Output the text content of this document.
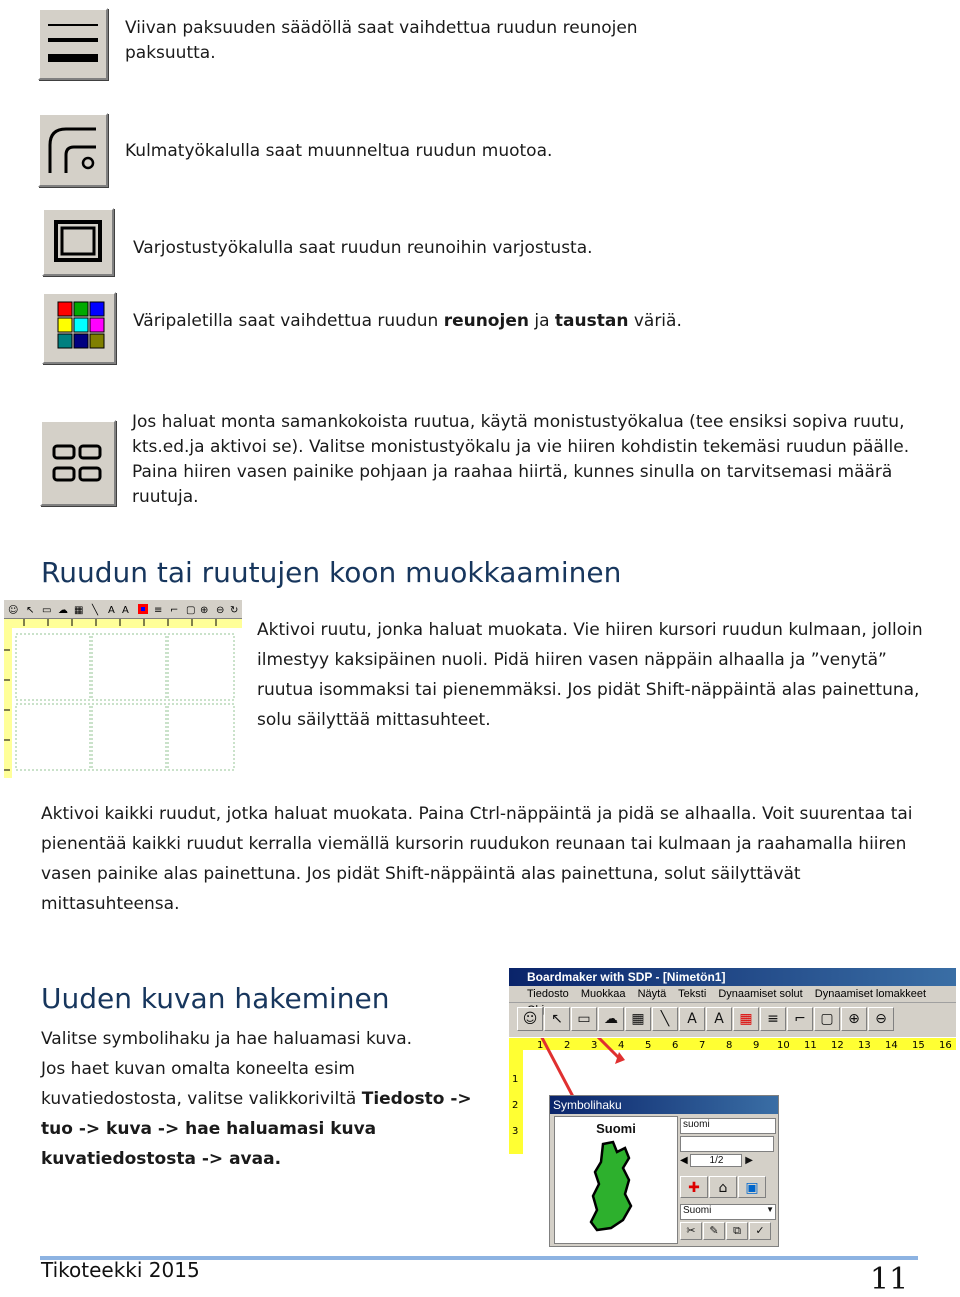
Viivan paksuuden säädöllä saat vaihdettua ruudun reunojen paksuutta.
Kulmatyökalulla saat muunneltua ruudun muotoa.
Varjostustyökalulla saat ruudun reunoihin varjostusta.
Väripaletilla saat vaihdettua ruudun reunojen ja taustan väriä.
Jos haluat monta samankokoista ruutua, käytä monistustyökalua (tee ensiksi sopiva ruutu, kts.ed.ja aktivoi se). Valitse monistustyökalu ja vie hiiren kohdistin tekemäsi ruudun päälle. Paina hiiren vasen painike pohjaan ja raahaa hiirtä, kunnes sinulla on tarvitsemasi määrä ruutuja.
Ruudun tai ruutujen koon muokkaaminen
☺ ↖ ▭ ☁ ▦ ╲ A A	≡ ⌐ ▢ ⊕ ⊖ ↻
Aktivoi ruutu, jonka haluat muokata. Vie hiiren kursori ruudun kulmaan, jolloin ilmestyy kaksipäinen nuoli. Pidä hiiren vasen näppäin alhaalla ja ”venytä” ruutua isommaksi tai pienemmäksi. Jos pidät Shift-näppäintä alas painettuna, solu säilyttää mittasuhteet.
Aktivoi kaikki ruudut, jotka haluat muokata. Paina Ctrl-näppäintä ja pidä se alhaalla. Voit suurentaa tai pienentää kaikki ruudut kerralla viemällä kursorin ruudukon reunaan tai kulmaan ja raahamalla hiiren vasen painike alas painettuna. Jos pidät Shift-näppäintä alas painettuna, solut säilyttävät mittasuhteensa.
Uuden kuvan hakeminen
Valitse symbolihaku ja hae haluamasi kuva.
Jos haet kuvan omalta koneelta esim kuvatiedostosta, valitse valikkoriviltä Tiedosto -> tuo -> kuva -> hae haluamasi kuva kuvatiedostosta -> avaa.
Boardmaker with SDP - [Nimetön1]
Tiedosto Muokkaa Näytä Teksti Dynaamiset solut Dynaamiset lomakkeet
☺ ↖ ▭ ☁ ▦ ╲ A A ▦ ≡ ⌐ ▢ ⊕ ⊖
1 2 3 4 5 6 7 8 9 10 11 12 13 14 15 16
1
2
3
Symbolihaku
Suomi	suomi
◀ 1/2 ▶
✚ ⌂ ▣
Suomi	▼
✂ ✎ ⧉ ✓
Tikoteekki 2015	11
